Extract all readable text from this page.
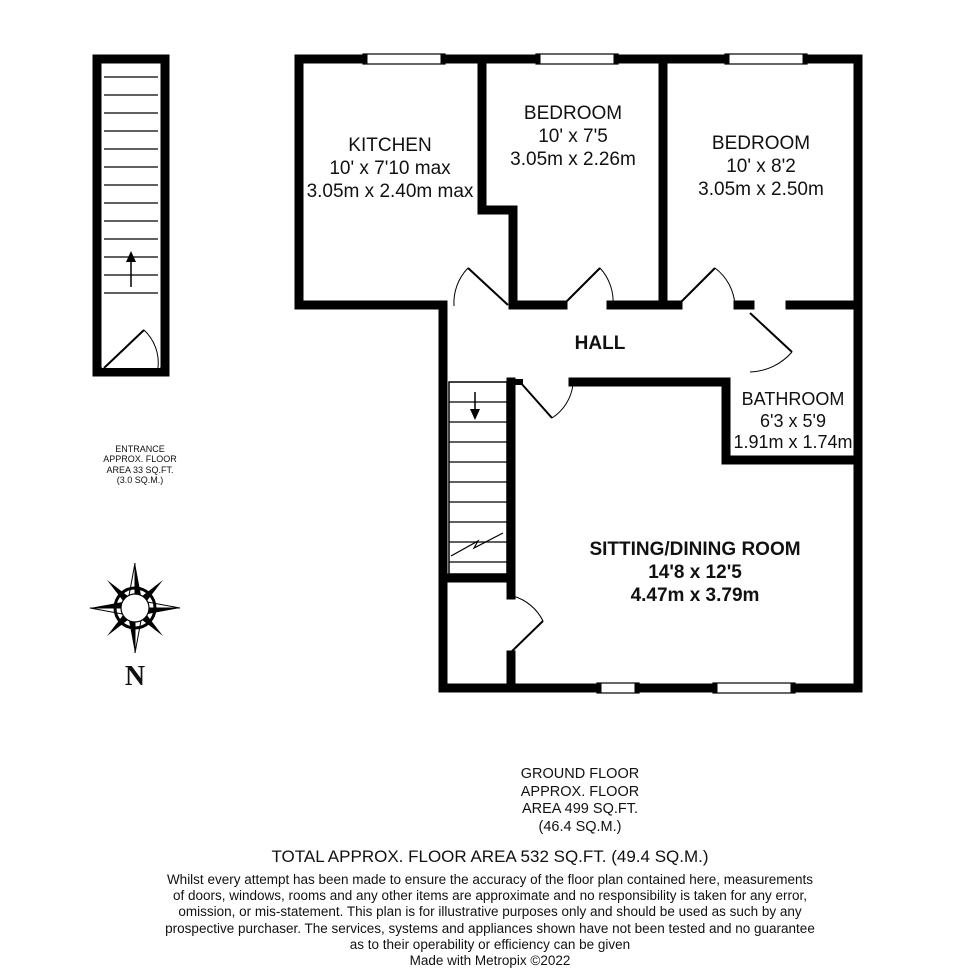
KITCHEN
10' x 7'10 max
3.05m x 2.40m max
BEDROOM
10' x 7'5
3.05m x 2.26m
BEDROOM
10' x 8'2
3.05m x 2.50m
HALL
BATHROOM
6'3 x 5'9
1.91m x 1.74m
SITTING/DINING ROOM
14'8 x 12'5
4.47m x 3.79m
ENTRANCE
APPROX. FLOOR
AREA 33 SQ.FT.
(3.0 SQ.M.)
N
GROUND FLOOR
APPROX. FLOOR
AREA 499 SQ.FT.
(46.4 SQ.M.)
TOTAL APPROX. FLOOR AREA 532 SQ.FT. (49.4 SQ.M.)
Whilst every attempt has been made to ensure the accuracy of the floor plan contained here, measurements
of doors, windows, rooms and any other items are approximate and no responsibility is taken for any error,
omission, or mis-statement. This plan is for illustrative purposes only and should be used as such by any
prospective purchaser. The services, systems and appliances shown have not been tested and no guarantee
as to their operability or efficiency can be given
Made with Metropix ©2022
